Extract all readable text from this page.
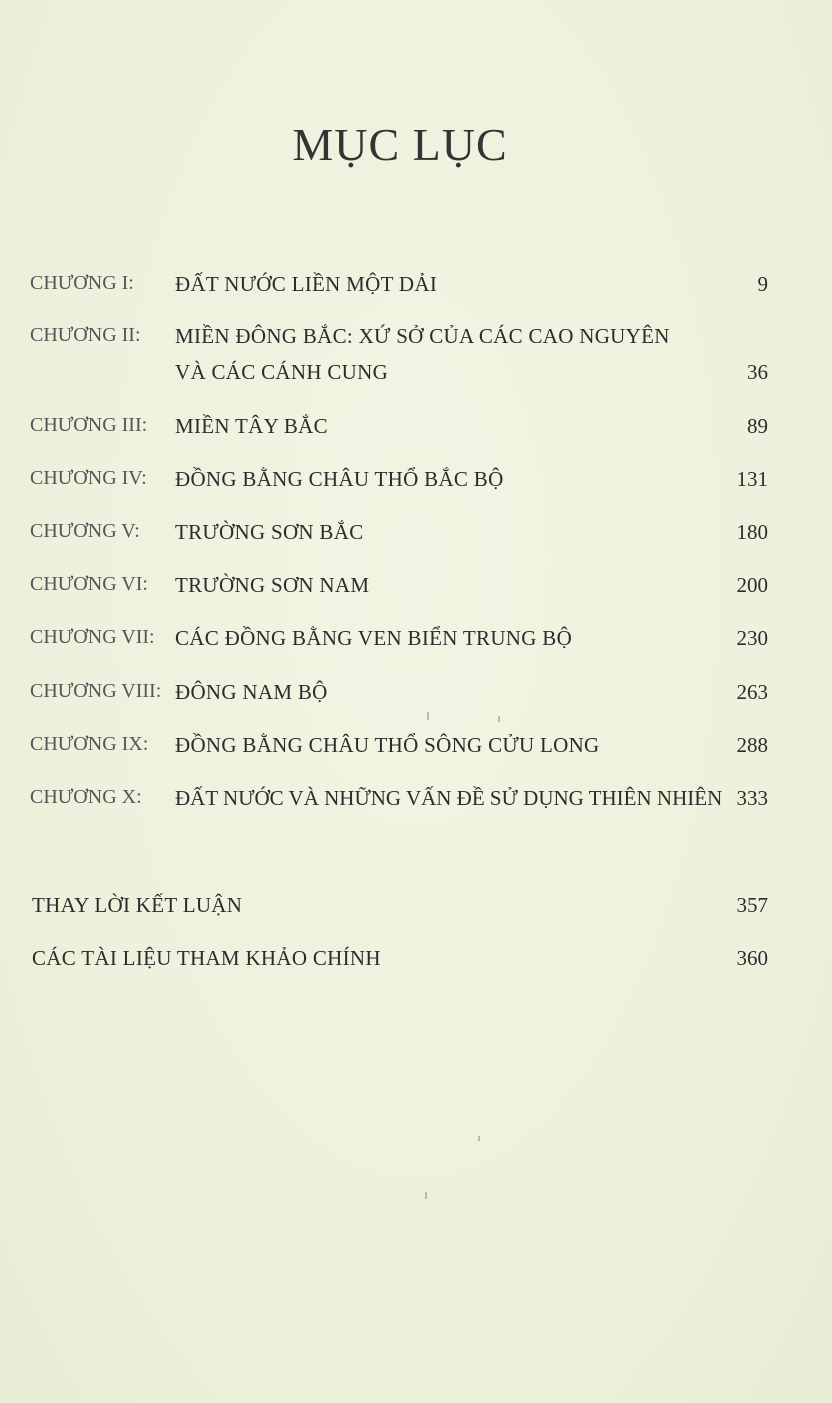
MỤC LỤC
CHƯƠNG I: ĐẤT NƯỚC LIỀN MỘT DẢI	9
CHƯƠNG II: MIỀN ĐÔNG BẮC: XỨ SỞ CỦA CÁC CAO NGUYÊN
VÀ CÁC CÁNH CUNG	36
CHƯƠNG III: MIỀN TÂY BẮC	89
CHƯƠNG IV: ĐỒNG BẰNG CHÂU THỔ BẮC BỘ	131
CHƯƠNG V: TRƯỜNG SƠN BẮC	180
CHƯƠNG VI: TRƯỜNG SƠN NAM	200
CHƯƠNG VII: CÁC ĐỒNG BẰNG VEN BIỂN TRUNG BỘ	230
CHƯƠNG VIII: ĐÔNG NAM BỘ	263
CHƯƠNG IX: ĐỒNG BẰNG CHÂU THỔ SÔNG CỬU LONG	288
CHƯƠNG X: ĐẤT NƯỚC VÀ NHỮNG VẤN ĐỀ SỬ DỤNG THIÊN NHIÊN 333
THAY LỜI KẾT LUẬN	357
CÁC TÀI LIỆU THAM KHẢO CHÍNH	360
